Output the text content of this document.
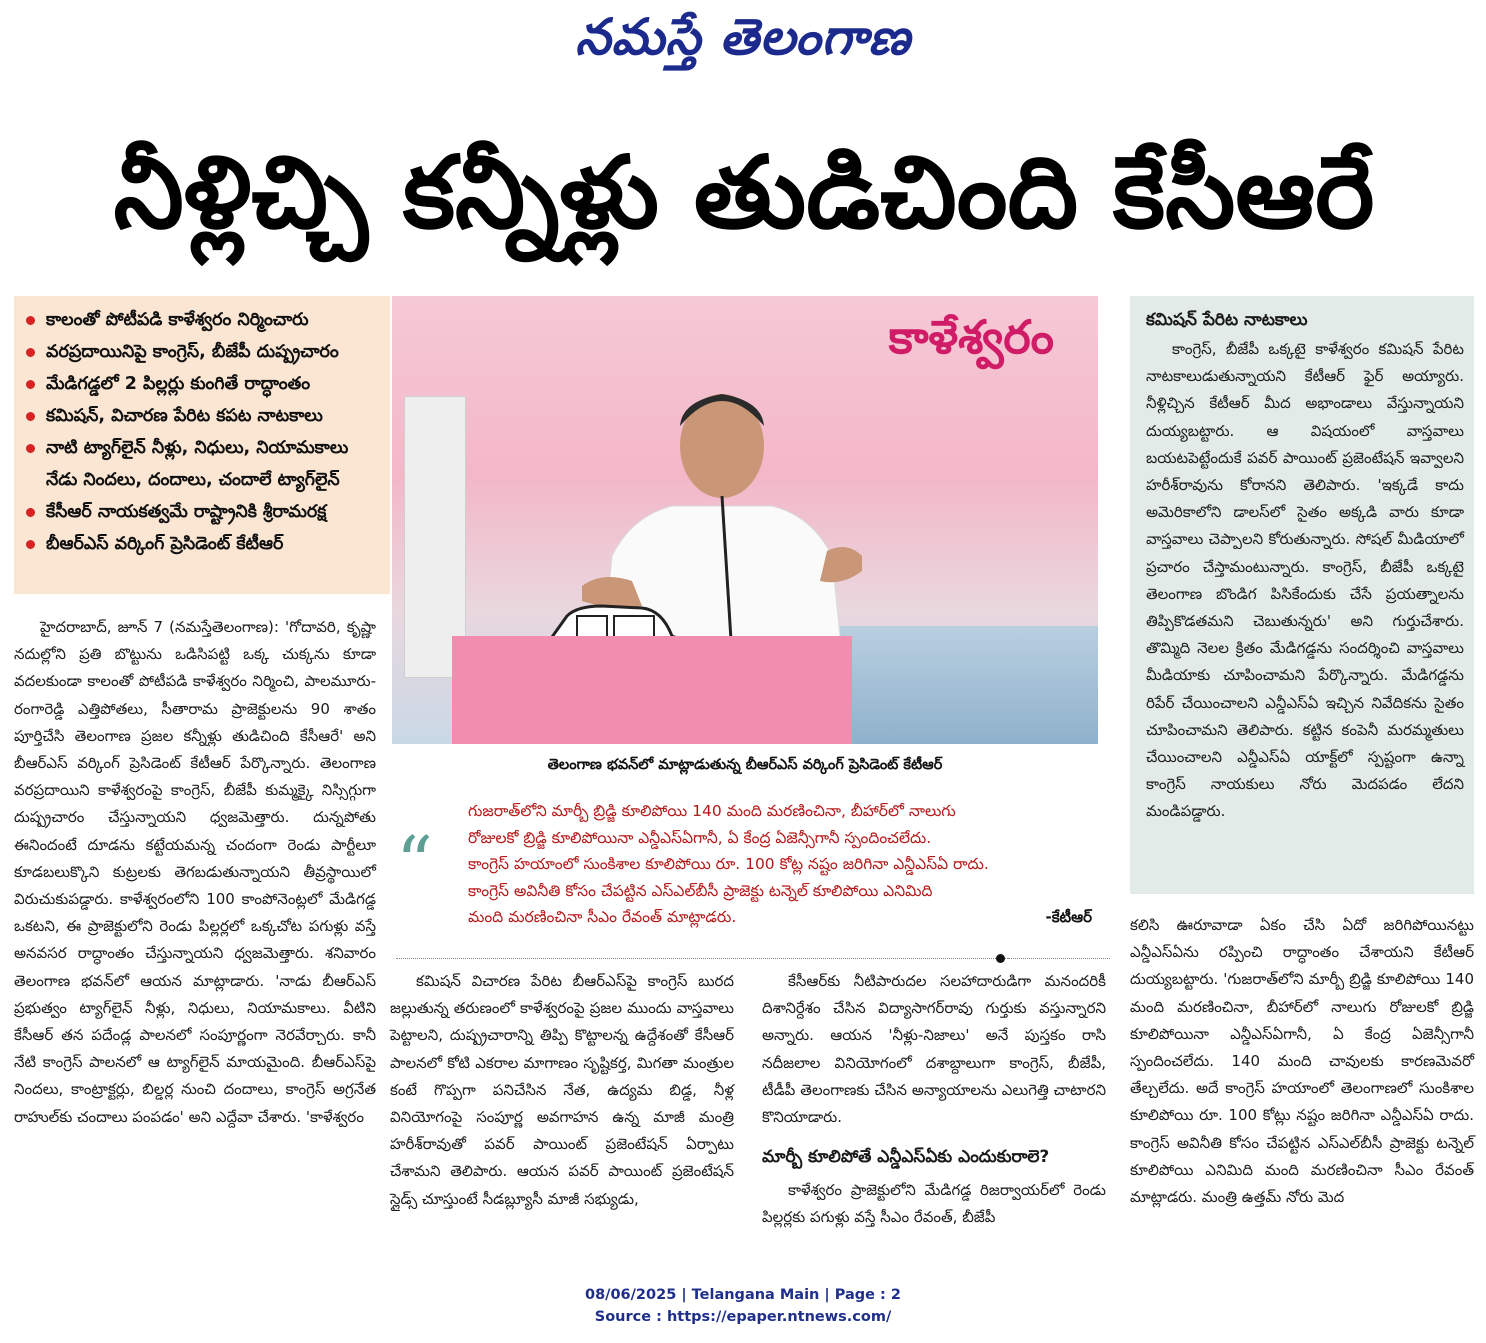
నమస్తే తెలంగాణ
నీళ్లిచ్చి కన్నీళ్లు తుడిచింది కేసీఆరే
కాలంతో పోటీపడి కాళేశ్వరం నిర్మించారు
వరప్రదాయినిపై కాంగ్రెస్, బీజేపీ దుష్ప్రచారం
మేడిగడ్డలో 2 పిల్లర్లు కుంగితే రాద్ధాంతం
కమిషన్, విచారణ పేరిట కపట నాటకాలు
నాటి ట్యాగ్‌లైన్ నీళ్లు, నిధులు, నియామకాలు
నేడు నిందలు, దందాలు, చందాలే ట్యాగ్‌లైన్
కేసీఆర్ నాయకత్వమే రాష్ట్రానికి శ్రీరామరక్ష
బీఆర్ఎస్ వర్కింగ్ ప్రెసిడెంట్ కేటీఆర్
కాళేశ్వరం
తెలంగాణ భవన్‌లో మాట్లాడుతున్న బీఆర్ఎస్ వర్కింగ్ ప్రెసిడెంట్ కేటీఆర్
కమిషన్ పేరిట నాటకాలు

కాంగ్రెస్, బీజేపీ ఒక్కటై కాళేశ్వరం కమిషన్ పేరిట నాటకాలుడుతున్నాయని కేటీఆర్ ఫైర్ అయ్యారు. నీళ్లిచ్చిన కేటీఆర్ మీద అభాండాలు వేస్తున్నాయని దుయ్యబట్టారు. ఆ విషయంలో వాస్తవాలు బయటపెట్టేందుకే పవర్ పాయింట్ ప్రజెంటేషన్ ఇవ్వాలని హరీశ్‌రావును కోరానని తెలిపారు. 'ఇక్కడే కాదు అమెరికాలోని డాలస్‌లో సైతం అక్కడి వారు కూడా వాస్తవాలు చెప్పాలని కోరుతున్నారు. సోషల్ మీడియాలో ప్రచారం చేస్తామంటున్నారు. కాంగ్రెస్, బీజేపీ ఒక్కటై తెలంగాణ బొండిగ పిసికేందుకు చేసే ప్రయత్నాలను తిప్పికొడతమని చెబుతున్నరు' అని గుర్తుచేశారు. తొమ్మిది నెలల క్రితం మేడిగడ్డను సందర్శించి వాస్తవాలు మీడియాకు చూపించామని పేర్కొన్నారు. మేడిగడ్డను రిపేర్ చేయించాలని ఎన్డీఎస్ఏ ఇచ్చిన నివేదికను సైతం చూపించామని తెలిపారు. కట్టిన కంపెనీ మరమ్మతులు చేయించాలని ఎన్డీఎస్ఏ యాక్ట్‌లో స్పష్టంగా ఉన్నా కాంగ్రెస్ నాయకులు నోరు మెదపడం లేదని మండిపడ్డారు.

“
గుజరాత్‌లోని మార్బీ బ్రిడ్జి కూలిపోయి 140 మంది మరణించినా, బీహార్‌లో నాలుగు
రోజులకో బ్రిడ్జి కూలిపోయినా ఎన్డీఎస్ఏగానీ, ఏ కేంద్ర ఏజెన్సీగానీ స్పందించలేదు.
కాంగ్రెస్ హయాంలో సుంకిశాల కూలిపోయి రూ. 100 కోట్ల నష్టం జరిగినా ఎన్డీఎస్ఏ రాదు.
కాంగ్రెస్ అవినీతి కోసం చేపట్టిన ఎస్ఎల్‌బీసీ ప్రాజెక్టు టన్నెల్ కూలిపోయి ఎనిమిది
మంది మరణించినా సీఎం రేవంత్ మాట్లాడరు.	-కేటీఆర్

హైదరాబాద్, జూన్ 7 (నమస్తేతెలంగాణ): 'గోదావరి, కృష్ణా నదుల్లోని ప్రతి బొట్టును ఒడిసిపట్టి ఒక్క చుక్కను కూడా వదలకుండా కాలంతో పోటీపడి కాళేశ్వరం నిర్మించి, పాలమూరు-రంగారెడ్డి ఎత్తిపోతలు, సీతారామ ప్రాజెక్టులను 90 శాతం పూర్తిచేసి తెలంగాణ ప్రజల కన్నీళ్లు తుడిచింది కేసీఆరే' అని బీఆర్ఎస్ వర్కింగ్ ప్రెసిడెంట్ కేటీఆర్ పేర్కొన్నారు. తెలంగాణ వరప్రదాయిని కాళేశ్వరంపై కాంగ్రెస్, బీజేపీ కుమ్మక్కై నిస్సిగ్గుగా దుష్ప్రచారం చేస్తున్నాయని ధ్వజమెత్తారు. దున్నపోతు ఈనిందంటే దూడను కట్టేయమన్న చందంగా రెండు పార్టీలూ కూడబలుక్కొని కుట్రలకు తెగబడుతున్నాయని తీవ్రస్థాయిలో విరుచుకుపడ్డారు. కాళేశ్వరంలోని 100 కాంపోనెంట్లలో మేడిగడ్డ ఒకటని, ఈ ప్రాజెక్టులోని రెండు పిల్లర్లలో ఒక్కచోట పగుళ్లు వస్తే అనవసర రాద్ధాంతం చేస్తున్నాయని ధ్వజమెత్తారు. శనివారం తెలంగాణ భవన్‌లో ఆయన మాట్లాడారు. 'నాడు బీఆర్ఎస్ ప్రభుత్వం ట్యాగ్‌లైన్ నీళ్లు, నిధులు, నియామకాలు. వీటిని కేసీఆర్ తన పదేండ్ల పాలనలో సంపూర్ణంగా నెరవేర్చారు. కానీ నేటి కాంగ్రెస్ పాలనలో ఆ ట్యాగ్‌లైన్ మాయమైంది. బీఆర్ఎస్‌పై నిందలు, కాంట్రాక్టర్లు, బిల్డర్ల నుంచి దందాలు, కాంగ్రెస్ అగ్రనేత రాహుల్‌కు చందాలు పంపడం' అని ఎద్దేవా చేశారు. 'కాళేశ్వరం

కమిషన్ విచారణ పేరిట బీఆర్ఎస్‌పై కాంగ్రెస్ బురద జల్లుతున్న తరుణంలో కాళేశ్వరంపై ప్రజల ముందు వాస్తవాలు పెట్టాలని, దుష్ప్రచారాన్ని తిప్పి కొట్టాలన్న ఉద్దేశంతో కేసీఆర్ పాలనలో కోటి ఎకరాల మాగాణం సృష్టికర్త, మిగతా మంత్రుల కంటే గొప్పగా పనిచేసిన నేత, ఉద్యమ బిడ్డ, నీళ్ల వినియోగంపై సంపూర్ణ అవగాహన ఉన్న మాజీ మంత్రి హరీశ్‌రావుతో పవర్ పాయింట్ ప్రజెంటేషన్ ఏర్పాటు చేశామని తెలిపారు. ఆయన పవర్ పాయింట్ ప్రజెంటేషన్ స్లైడ్స్ చూస్తుంటే సీడబ్ల్యూసీ మాజీ సభ్యుడు,

కేసీఆర్‌కు నీటిపారుదల సలహాదారుడిగా మనందరికీ దిశానిర్దేశం చేసిన విద్యాసాగర్‌రావు గుర్తుకు వస్తున్నారని అన్నారు. ఆయన 'నీళ్లు-నిజాలు' అనే పుస్తకం రాసి నదీజలాల వినియోగంలో దశాబ్దాలుగా కాంగ్రెస్, బీజేపీ, టీడీపీ తెలంగాణకు చేసిన అన్యాయాలను ఎలుగెత్తి చాటారని కొనియాడారు.

మార్బీ కూలిపోతే ఎన్డీఎస్ఏకు ఎందుకురాలె?

కాళేశ్వరం ప్రాజెక్టులోని మేడిగడ్డ రిజర్వాయర్‌లో రెండు పిల్లర్లకు పగుళ్లు వస్తే సీఎం రేవంత్, బీజేపీ

కలిసి ఊరూవాడా ఏకం చేసి ఏదో జరిగిపోయినట్టు ఎన్డీఎస్ఏను రప్పించి రాద్ధాంతం చేశాయని కేటీఆర్ దుయ్యబట్టారు. 'గుజరాత్‌లోని మార్బీ బ్రిడ్జి కూలిపోయి 140 మంది మరణించినా, బీహార్‌లో నాలుగు రోజులకో బ్రిడ్జి కూలిపోయినా ఎన్డీఎస్ఏగానీ, ఏ కేంద్ర ఏజెన్సీగానీ స్పందించలేదు. 140 మంది చావులకు కారణమెవరో తేల్చలేదు. అదే కాంగ్రెస్ హయాంలో తెలంగాణలో సుంకిశాల కూలిపోయి రూ. 100 కోట్లు నష్టం జరిగినా ఎన్డీఎస్ఏ రాదు. కాంగ్రెస్ అవినీతి కోసం చేపట్టిన ఎస్ఎల్‌బీసీ ప్రాజెక్టు టన్నెల్ కూలిపోయి ఎనిమిది మంది మరణించినా సీఎం రేవంత్ మాట్లాడరు. మంత్రి ఉత్తమ్ నోరు మెద

08/06/2025 | Telangana Main | Page : 2
Source : https://epaper.ntnews.com/
